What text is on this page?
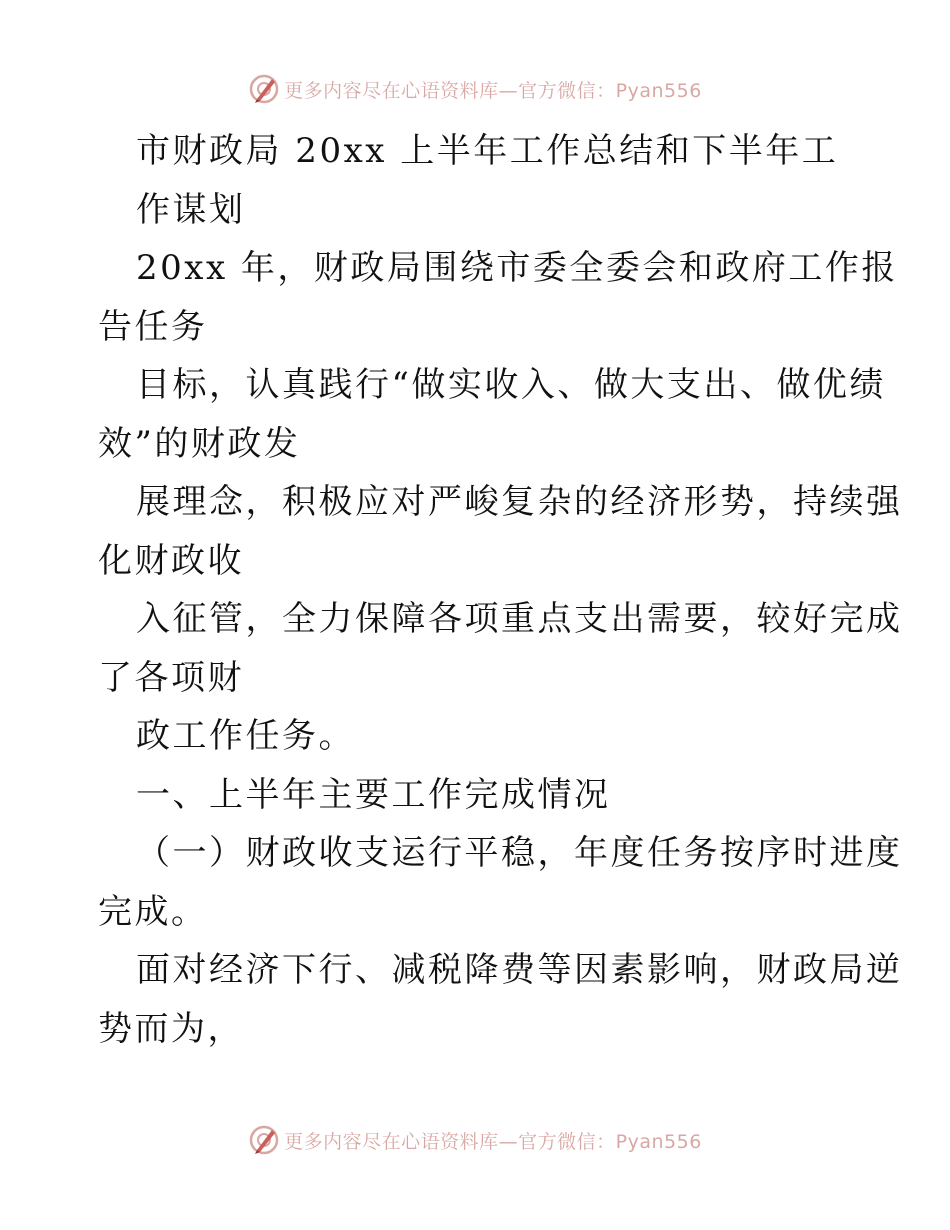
更多内容尽在心语资料库—官方微信：Pyan556
市财政局 20xx 上半年工作总结和下半年工
作谋划
20xx 年，财政局围绕市委全委会和政府工作报
告任务
目标，认真践行“做实收入、做大支出、做优绩
效”的财政发
展理念，积极应对严峻复杂的经济形势，持续强
化财政收
入征管，全力保障各项重点支出需要，较好完成
了各项财
政工作任务。
一、上半年主要工作完成情况
（一）财政收支运行平稳，年度任务按序时进度
完成。
面对经济下行、减税降费等因素影响，财政局逆
势而为，
更多内容尽在心语资料库—官方微信：Pyan556
